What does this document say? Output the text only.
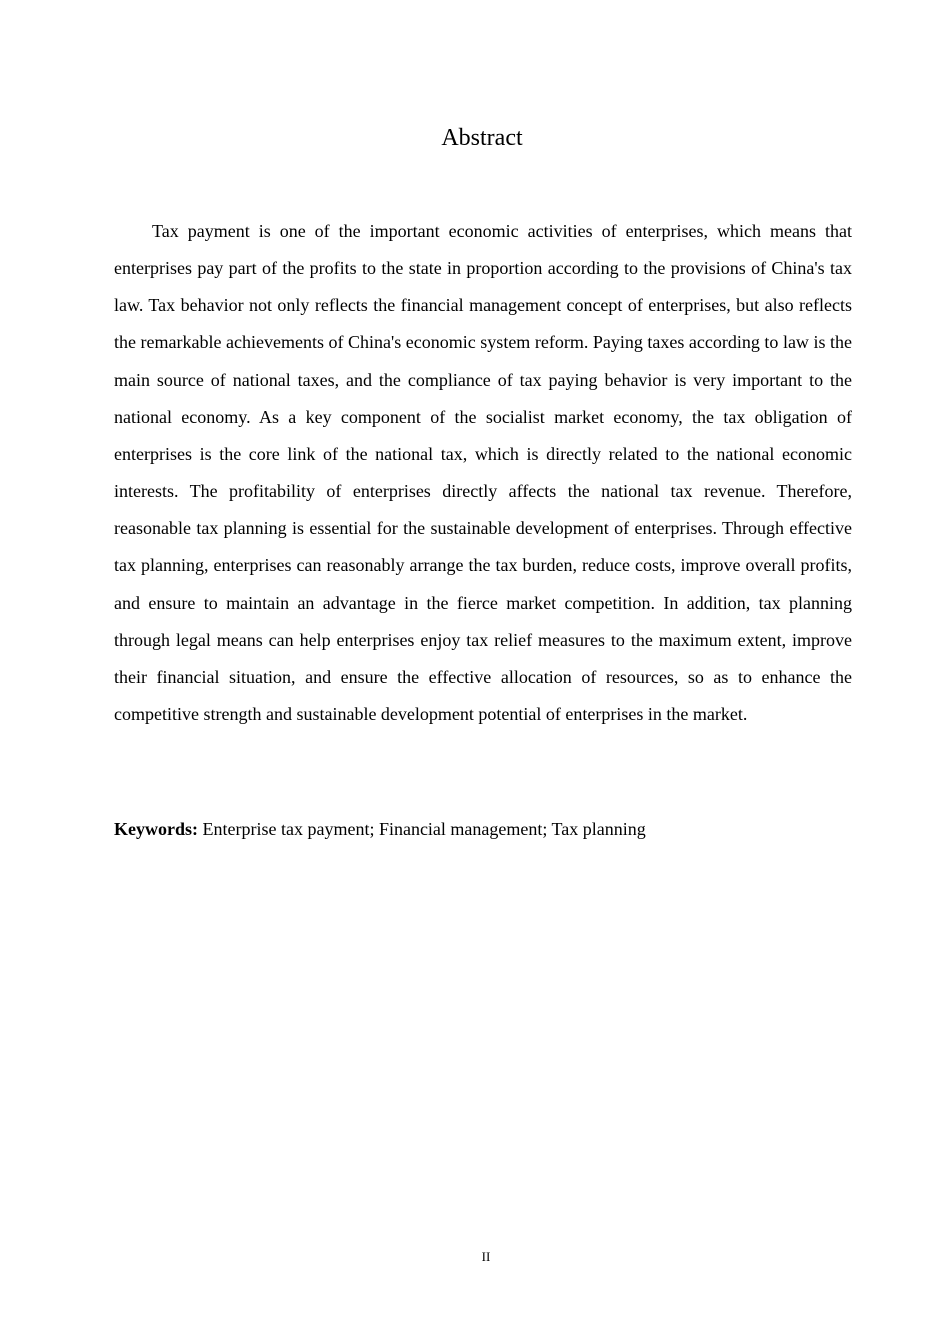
Abstract

Tax payment is one of the important economic activities of enterprises, which means that enterprises pay part of the profits to the state in proportion according to the provisions of China's tax law. Tax behavior not only reflects the financial management concept of enterprises, but also reflects the remarkable achievements of China's economic system reform. Paying taxes according to law is the main source of national taxes, and the compliance of tax paying behavior is very important to the national economy. As a key component of the socialist market economy, the tax obligation of enterprises is the core link of the national tax, which is directly related to the national economic interests. The profitability of enterprises directly affects the national tax revenue. Therefore, reasonable tax planning is essential for the sustainable development of enterprises. Through effective tax planning, enterprises can reasonably arrange the tax burden, reduce costs, improve overall profits, and ensure to maintain an advantage in the fierce market competition. In addition, tax planning through legal means can help enterprises enjoy tax relief measures to the maximum extent, improve their financial situation, and ensure the effective allocation of resources, so as to enhance the competitive strength and sustainable development potential of enterprises in the market.

Keywords: Enterprise tax payment; Financial management; Tax planning

II
